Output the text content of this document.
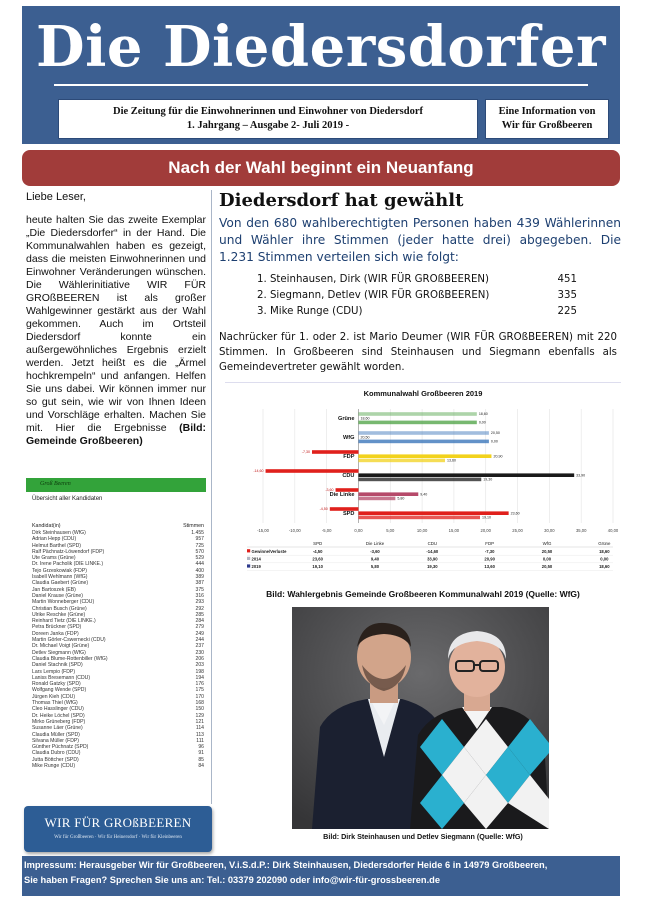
Die Diedersdorfer
Die Zeitung für die Einwohnerinnen und Einwohner von Diedersdorf
1. Jahrgang – Ausgabe 2- Juli 2019 -
Eine Information von
Wir für Großbeeren
Nach der Wahl beginnt ein Neuanfang
Liebe Leser,
heute halten Sie das zweite Exemplar „Die Diedersdorfer“ in der Hand. Die Kommunalwahlen haben es gezeigt, dass die meisten Einwohnerinnen und Einwohner Veränderungen wünschen. Die Wählerinitiative WIR FÜR GROßBEEREN ist als großer Wahlgewinner gestärkt aus der Wahl gekommen. Auch im Ortsteil Diedersdorf konnte ein außergewöhnliches Ergebnis erzielt werden. Jetzt heißt es die „Ärmel hochkrempeln“ und anfangen. Helfen Sie uns dabei. Wir können immer nur so gut sein, wie wir von Ihnen Ideen und Vorschläge erhalten. Machen Sie mit. Hier die Ergebnisse (Bild: Gemeinde Großbeeren)
Groß Beeren
Übersicht aller Kandidaten
Kandidat(in)	Stimmen
Dirk Steinhausen (WfG)	1.455
Adrian Hepp (CDU)	957
Helmut Barthel (SPD)	725
Ralf Pächnatz-Löwendorf (FDP)	570
Ute Grams (Grüne)	529
Dr. Irene Pacholik (DIE LINKE.)	444
Tejo Grzeskowiak (FDP)	400
Isabell Wehlmann (WfG)	389
Claudia Gaebert (Grüne)	387
Jan Bartoszek (EB)	375
Daniel Krause (Grüne)	316
Martin Wonneberger (CDU)	293
Christian Busch (Grüne)	292
Ulrike Reschke (Grüne)	285
Reinhard Tietz (DIE LINKE.)	284
Petra Brückner (SPD)	279
Doreen Janka (FDP)	249
Martin Görler-Cswernecki (CDU)	244
Dr. Michael Voigt (Grüne)	237
Detlev Siegmann (WfG)	230
Claudia Blume-Rottenbiller (WfG)	206
Daniel Stachnik (SPD)	203
Lars Lempio (FDP)	198
Laniss Bresemann (CDU)	194
Ronald Gatzky (SPD)	176
Wolfgang Wende (SPD)	175
Jürgen Kieh (CDU)	170
Thomas Thiel (WfG)	168
Cleo Hasslinger (CDU)	150
Dr. Heike Löchel (SPD)	129
Mirko Grüneberg (FDP)	121
Susanne Läer (Grüne)	114
Claudia Müller (SPD)	113
Silvana Müller (FDP)	111
Günther Püchnatz (SPD)	96
Claudia Dubro (CDU)	91
Jutta Böttcher (SPD)	85
Mike Runge (CDU)	84
WIR FÜR GROßBEEREN
Wir für Großbeeren · Wir für Heinersdorf · Wir für Kleinbeeren
Diedersdorf hat gewählt
Von den 680 wahlberechtigten Personen haben 439 Wählerinnen und Wähler ihre Stimmen (jeder hatte drei) abgegeben. Die 1.231 Stimmen verteilen sich wie folgt:
1. Steinhausen, Dirk (WIR FÜR GROßBEEREN)	451
2. Siegmann, Detlev (WIR FÜR GROßBEEREN)	335
3. Mike Runge (CDU)	225
Nachrücker für 1. oder 2. ist Mario Deumer (WIR FÜR GROßBEEREN) mit 220 Stimmen. In Großbeeren sind Steinhausen und Siegmann ebenfalls als Gemeindevertreter gewählt worden.
-15,00	-10,00	-5,00	0,00	5,00	10,00	15,00	20,00	25,00	30,00	35,00	40,00
Grüne
18,60
18,60
0,00
WfG
20,50
20,50
0,00
FDP
-7,30
20,90
13,60
CDU
-14,60
33,90
19,30
Die Linke
-3,60
9,40
5,80
SPD
-4,50
23,60
19,10
SPD	Die Linke	CDU	FDP	WfG	Grüne
Gewinne/Verluste	-4,50	-3,60	-14,60	-7,30	20,50	18,60
2014	23,60	9,40	33,90	20,90	0,00	0,00
2019	19,10	5,80	19,30	13,60	20,50	18,60
Kommunalwahl Großbeeren 2019
Bild: Wahlergebnis Gemeinde Großbeeren Kommunalwahl 2019 (Quelle: WfG)
Bild: Dirk Steinhausen und Detlev Siegmann (Quelle: WfG)
Impressum: Herausgeber Wir für Großbeeren, V.i.S.d.P.: Dirk Steinhausen, Diedersdorfer Heide 6 in 14979 Großbeeren,
Sie haben Fragen? Sprechen Sie uns an: Tel.: 03379 202090 oder info@wir-für-grossbeeren.de
